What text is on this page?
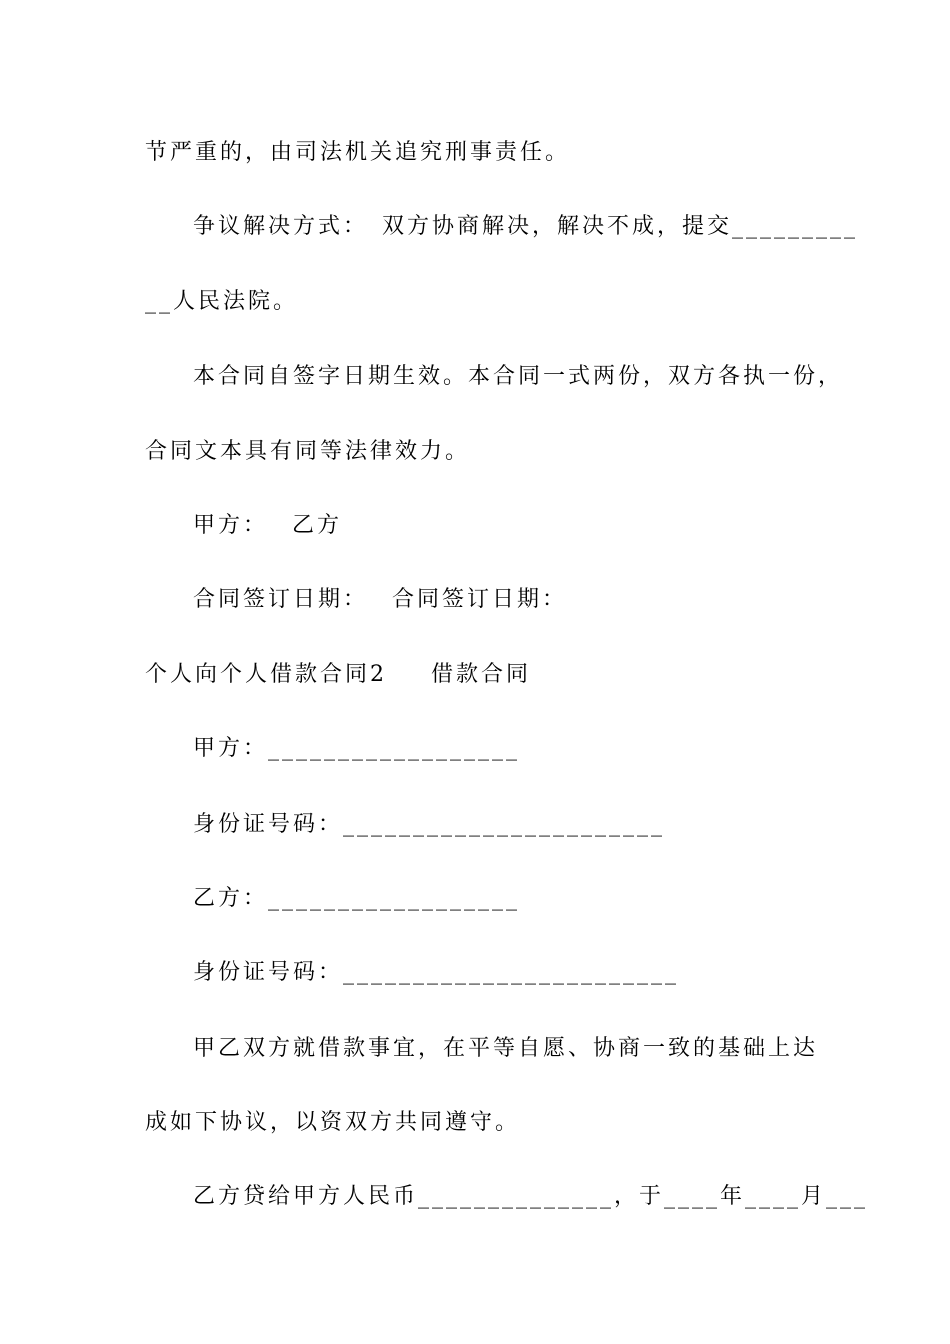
节严重的，由司法机关追究刑事责任。
争议解决方式：　双方协商解决，解决不成，提交_________
__人民法院。
本合同自签字日期生效。本合同一式两份，双方各执一份，
合同文本具有同等法律效力。
甲方： 乙方
合同签订日期： 合同签订日期：
个人向个人借款合同2 借款合同
甲方：__________________
身份证号码：_______________________
乙方：__________________
身份证号码：________________________
甲乙双方就借款事宜，在平等自愿、协商一致的基础上达
成如下协议，以资双方共同遵守。
乙方贷给甲方人民币______________，于____年____月___
